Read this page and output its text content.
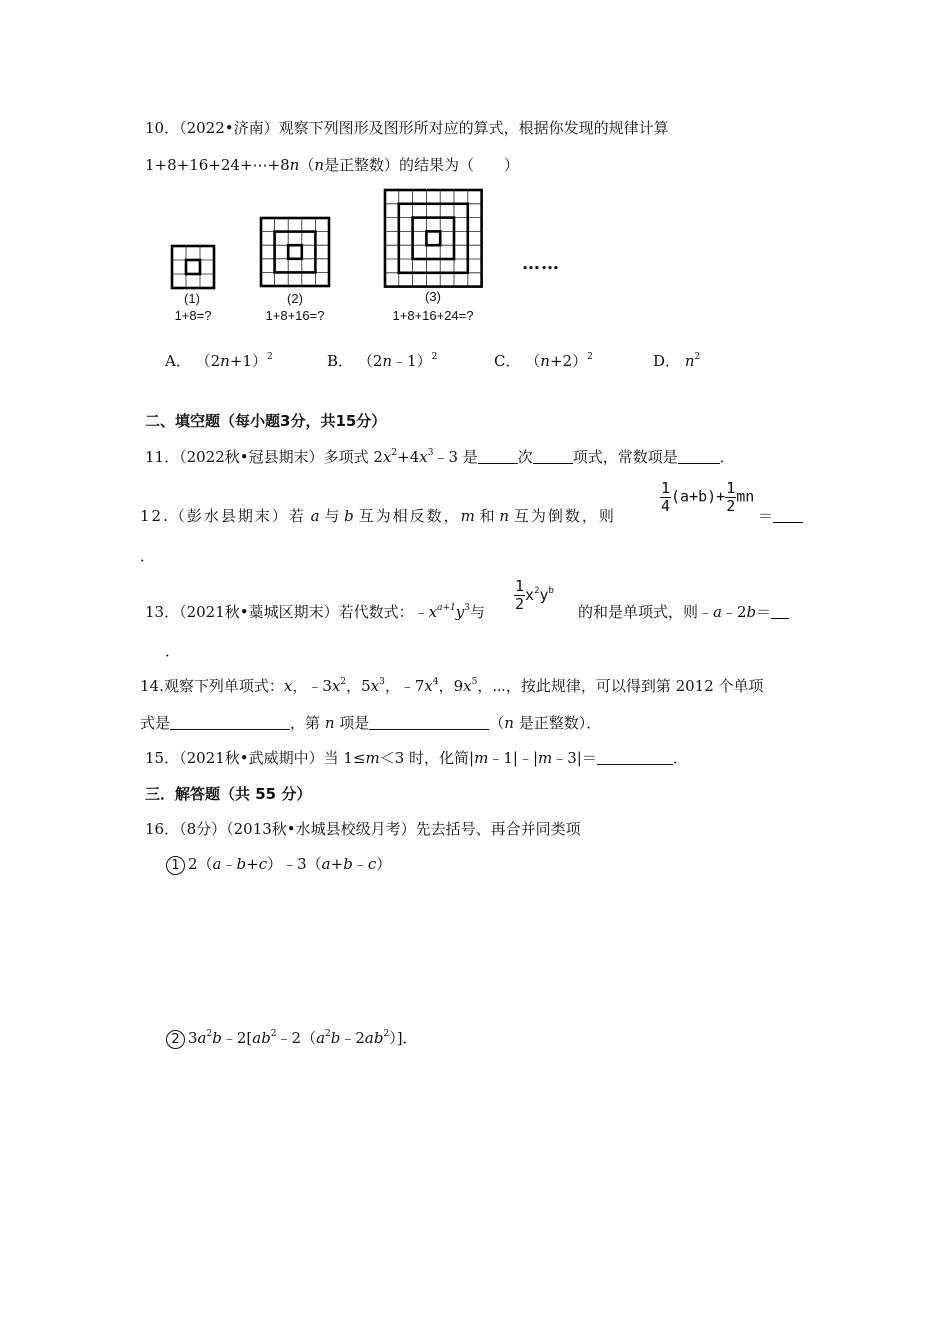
10．（2022•济南）观察下列图形及图形所对应的算式，根据你发现的规律计算
1+8+16+24+⋯+8n（n是正整数）的结果为（　　）
(1)
1+8=?
(2)
1+8+16=?
(3)
1+8+16+24=?
……
A． $(2n+1)^2$	B． （2n﹣1）$^2$	C． $(n+2)^2$	D． $n^2$
二、填空题（每小题3分，共15分）
11．（2022秋•冠县期末）多项式 $2x^2+4x^3﹣3$ 是	次	项式，常数项是	．
12.（彭水县期末）若 a 与 b 互为相反数，m 和 n 互为倒数，则
$\frac{1}{4} (a+b)+ \frac{1}{2}$ mn
＝
．
13．（2021秋•藁城区期末）若代数式：$﹣x^{a+1}y^3$与 $\frac{1}{2} x^2y^b$
的和是单项式，则﹣a﹣2b＝
．
14.观察下列单项式：x，$﹣3x^2$，$5x^3$，$﹣7x^4$，$9x^5$，⋯，按此规律，可以得到第 2012 个单项
式是	，第 n 项是	（n 是正整数）．
15．（2021秋•武威期中）当 1≤m＜3 时，化简|m﹣1|﹣|m﹣3|＝	．
三．解答题（共 55 分）
16．（8分）（2013秋•水城县校级月考）先去括号、再合并同类项
1 2（a﹣b+c）﹣3（a+b﹣c）
2 $3a^2b﹣2[ab^2﹣2(a^2b﹣2ab^2)]$．
